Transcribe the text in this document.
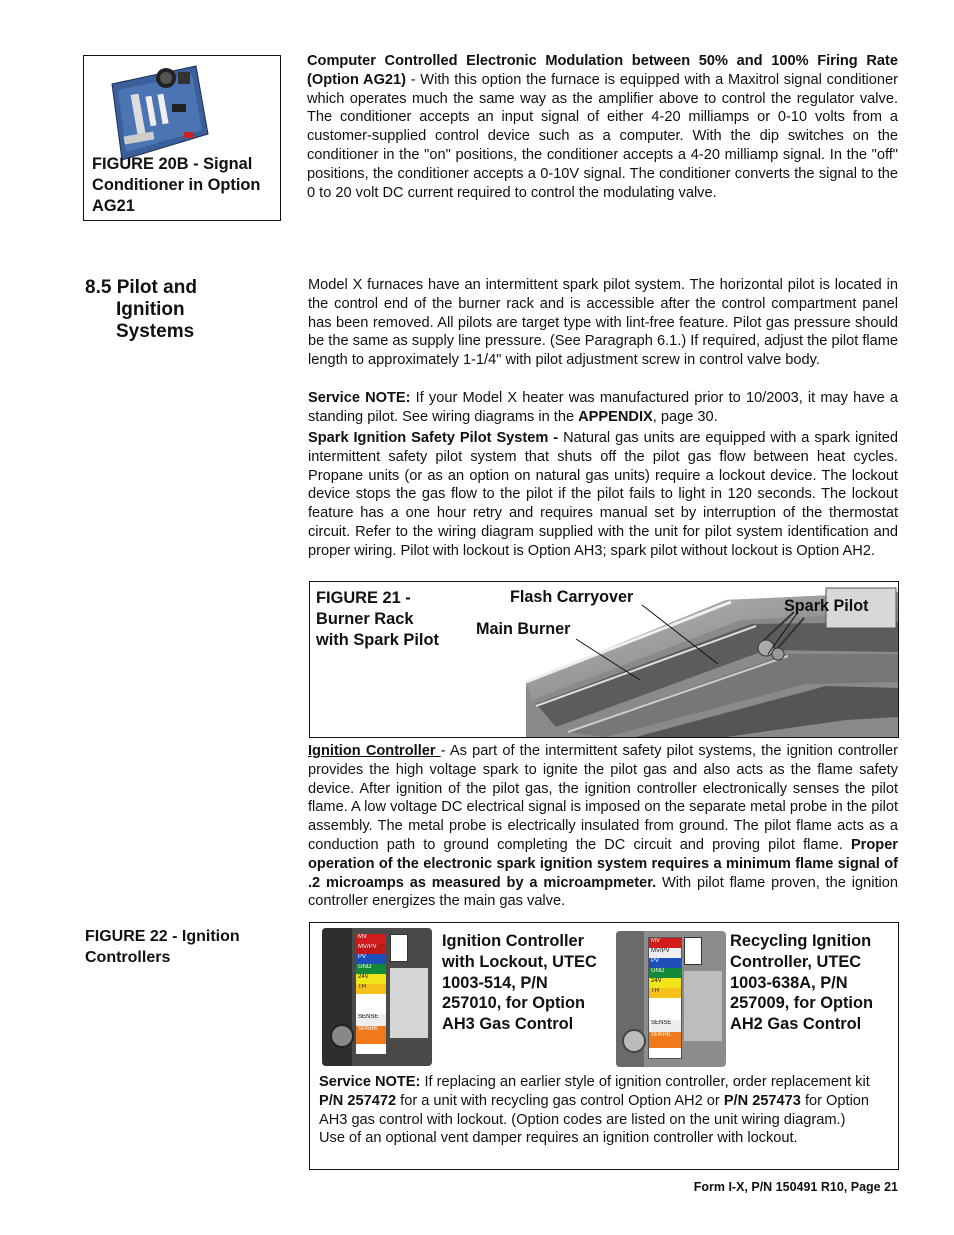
FIGURE 20B - Signal Conditioner in Option AG21
Computer Controlled Electronic Modulation between 50% and 100% Firing Rate (Option AG21) - With this option the furnace is equipped with a Maxitrol signal conditioner which operates much the same way as the amplifier above to control the regulator valve. The conditioner accepts an input signal of either 4-20 milliamps or 0-10 volts from a customer-supplied control device such as a computer. With the dip switches on the conditioner in the "on" positions, the conditioner accepts a 4-20 milliamp signal. In the "off" positions, the conditioner accepts a 0-10V signal. The conditioner converts the signal to the 0 to 20 volt DC current required to control the modulating valve.
8.5 Pilot and
Ignition
Systems
Model X furnaces have an intermittent spark pilot system. The horizontal pilot is located in the control end of the burner rack and is accessible after the control compartment panel has been removed. All pilots are target type with lint-free feature. Pilot gas pressure should be the same as supply line pressure. (See Paragraph 6.1.) If required, adjust the pilot flame length to approximately 1-1/4" with pilot adjustment screw in control valve body.
Service NOTE: If your Model X heater was manufactured prior to 10/2003, it may have a standing pilot. See wiring diagrams in the APPENDIX, page 30.
Spark Ignition Safety Pilot System - Natural gas units are equipped with a spark ignited intermittent safety pilot system that shuts off the pilot gas flow between heat cycles. Propane units (or as an option on natural gas units) require a lockout device. The lockout device stops the gas flow to the pilot if the pilot fails to light in 120 seconds. The lockout feature has a one hour retry and requires manual set by interruption of the thermostat circuit. Refer to the wiring diagram supplied with the unit for pilot system identification and proper wiring. Pilot with lockout is Option AH3; spark pilot without lockout is Option AH2.
FIGURE 21 - Burner Rack with Spark Pilot
Flash Carryover
Main Burner
Spark Pilot
Ignition Controller - As part of the intermittent safety pilot systems, the ignition controller provides the high voltage spark to ignite the pilot gas and also acts as the flame safety device. After ignition of the pilot gas, the ignition controller electronically senses the pilot flame. A low voltage DC electrical signal is imposed on the separate metal probe in the pilot assembly. The metal probe is electrically insulated from ground. The pilot flame acts as a conduction path to ground completing the DC circuit and proving pilot flame. Proper operation of the electronic spark ignition system requires a minimum flame signal of .2 microamps as measured by a microampmeter. With pilot flame proven, the ignition controller energizes the main gas valve.
FIGURE 22 - Ignition Controllers
MV
MV/PV
PV
GND
24V
TH
SENSE
SPARK
Ignition Controller with Lockout, UTEC 1003-514, P/N 257010, for Option AH3 Gas Control
MV
MV/PV
PV
GND
24V
TH
SENSE
SPARK
Recycling Ignition Controller, UTEC 1003-638A, P/N 257009, for Option AH2 Gas Control
Service NOTE: If replacing an earlier style of ignition controller, order replacement kit P/N 257472 for a unit with recycling gas control Option AH2 or P/N 257473 for Option AH3 gas control with lockout. (Option codes are listed on the unit wiring diagram.)
Use of an optional vent damper requires an ignition controller with lockout.
Form I-X, P/N 150491 R10, Page 21
